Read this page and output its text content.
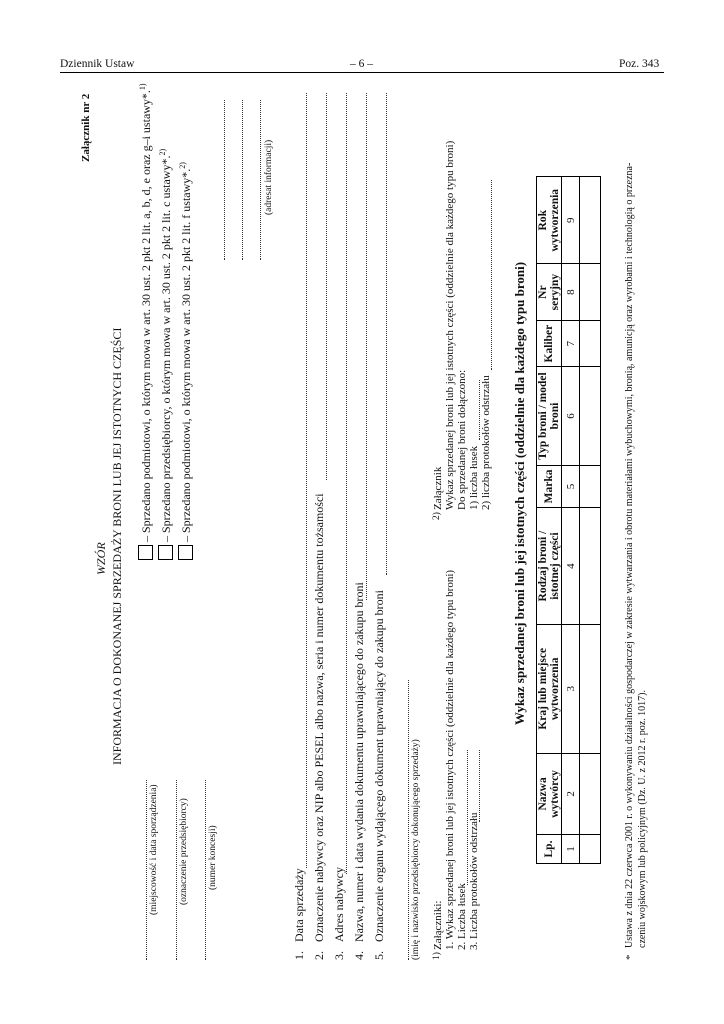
Dziennik Ustaw	– 6 –	Poz. 343
Załącznik nr 2
WZÓR INFORMACJA O DOKONANEJ SPRZEDAŻY BRONI LUB JEJ ISTOTNYCH CZĘŚCI
(miejscowość i data sporządzenia) (oznaczenie przedsiębiorcy) (numer koncesji)
– Sprzedano podmiotowi, o którym mowa w art. 30 ust. 2 pkt 2 lit. a, b, d, e oraz g–i ustawy*.$^{1)}$
– Sprzedano przedsiębiorcy, o którym mowa w art. 30 ust. 2 pkt 2 lit. c ustawy*.$^{2)}$
– Sprzedano podmiotowi, o którym mowa w art. 30 ust. 2 pkt 2 lit. f ustawy*.$^{2)}$	(adresat informacji)
1.
Data sprzedaży
2.
Oznaczenie nabywcy oraz NIP albo PESEL albo nazwa, seria i numer dokumentu tożsamości
3.
Adres nabywcy
4.
Nazwa, numer i data wydania dokumentu uprawniającego do zakupu broni
5.
Oznaczenie organu wydającego dokument uprawniający do zakupu broni	(imię i nazwisko przedsiębiorcy dokonującego sprzedaży) 1)
Załączniki: 1. Wykaz sprzedanej broni lub jej istotnych części (oddzielnie dla każdego typu broni) 2. Liczba łusek 3. Liczba protokołów odstrzału
2)
Załącznik Wykaz sprzedanej broni lub jej istotnych części (oddzielnie dla każdego typu broni) Do sprzedanej broni dołączono: 1) liczba łusek 2) liczba protokołów odstrzału Wykaz sprzedanej broni lub jej istotnych części (oddzielnie dla każdego typu broni)
Lp.	Nazwa wytwórcy	Kraj lub miejsce wytworzenia	Rodzaj broni / istotnej części	Marka	Typ broni / model broni	Kaliber	Nr seryjny	Rok wytworzenia
1	2	3	4	5	6	7	8	9

*
Ustawa z dnia 22 czerwca 2001 r. o wykonywaniu działalności gospodarczej w zakresie wytwarzania i obrotu materiałami wybuchowymi, bronią, amunicją oraz wyrobami i technologią o przezna- czeniu wojskowym lub policyjnym (Dz. U. z 2012 r. poz. 1017).
